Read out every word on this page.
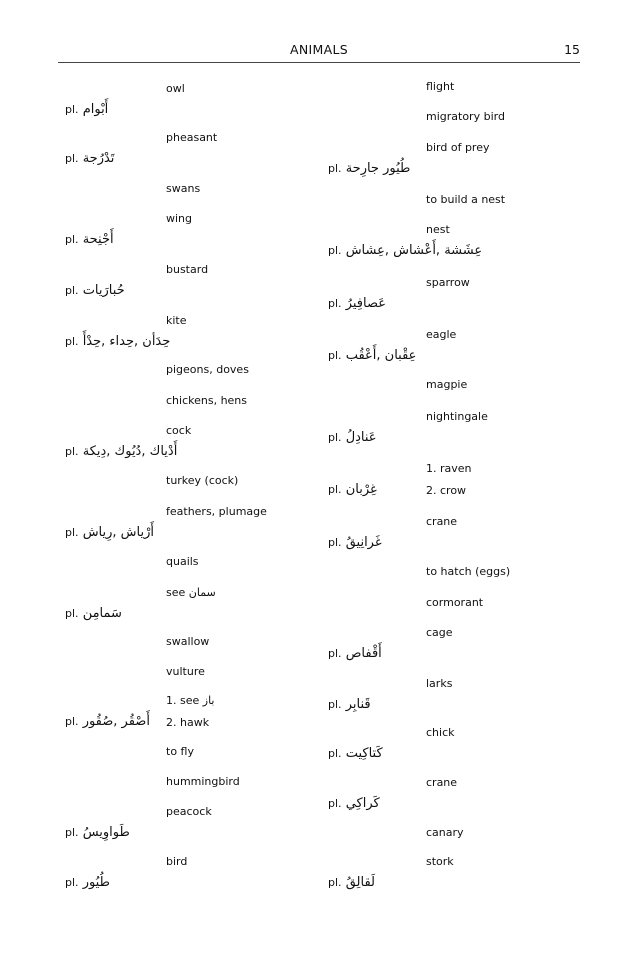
ANIMALS	15
owl
pl. أَبْوام
pheasant
pl. تَدْرُجة
swans
wing
pl. أَجْنِحة
bustard
pl. حُبارَيات
kite
pl. حِدَأن ,حِداء ,حِدْأَ
pigeons, doves
chickens, hens
cock
pl. أَدْياك ,دُيُوك ,دِيكة
turkey (cock)
feathers, plumage
pl. أَرْياش ,رِياش
quails
see سمان
pl. سَمامِن
swallow
vulture
1. see باز
pl. أَصْقُر ,صُقُور 2. hawk
to fly
hummingbird
peacock
pl. طَواوِيسُ
bird
pl. طُيُور
flight
migratory bird
bird of prey
pl. طُيُور جارِحة
to build a nest
nest
pl. عِشَشة ,أَعْشاش ,عِشاش
sparrow
pl. عَصافِيرُ
eagle
pl. عِقْبان ,أَعْقُب
magpie
nightingale
pl. عَنادِلُ
1. raven
pl. غِرْبان	2. crow
crane
pl. غَرانِيقُ
to hatch (eggs)
cormorant
cage
pl. أَقْفاص
larks
pl. قَنابِر
chick
pl. كَتاكِيت
crane
pl. كَراكِي
canary
stork
pl. لَقالِقُ
